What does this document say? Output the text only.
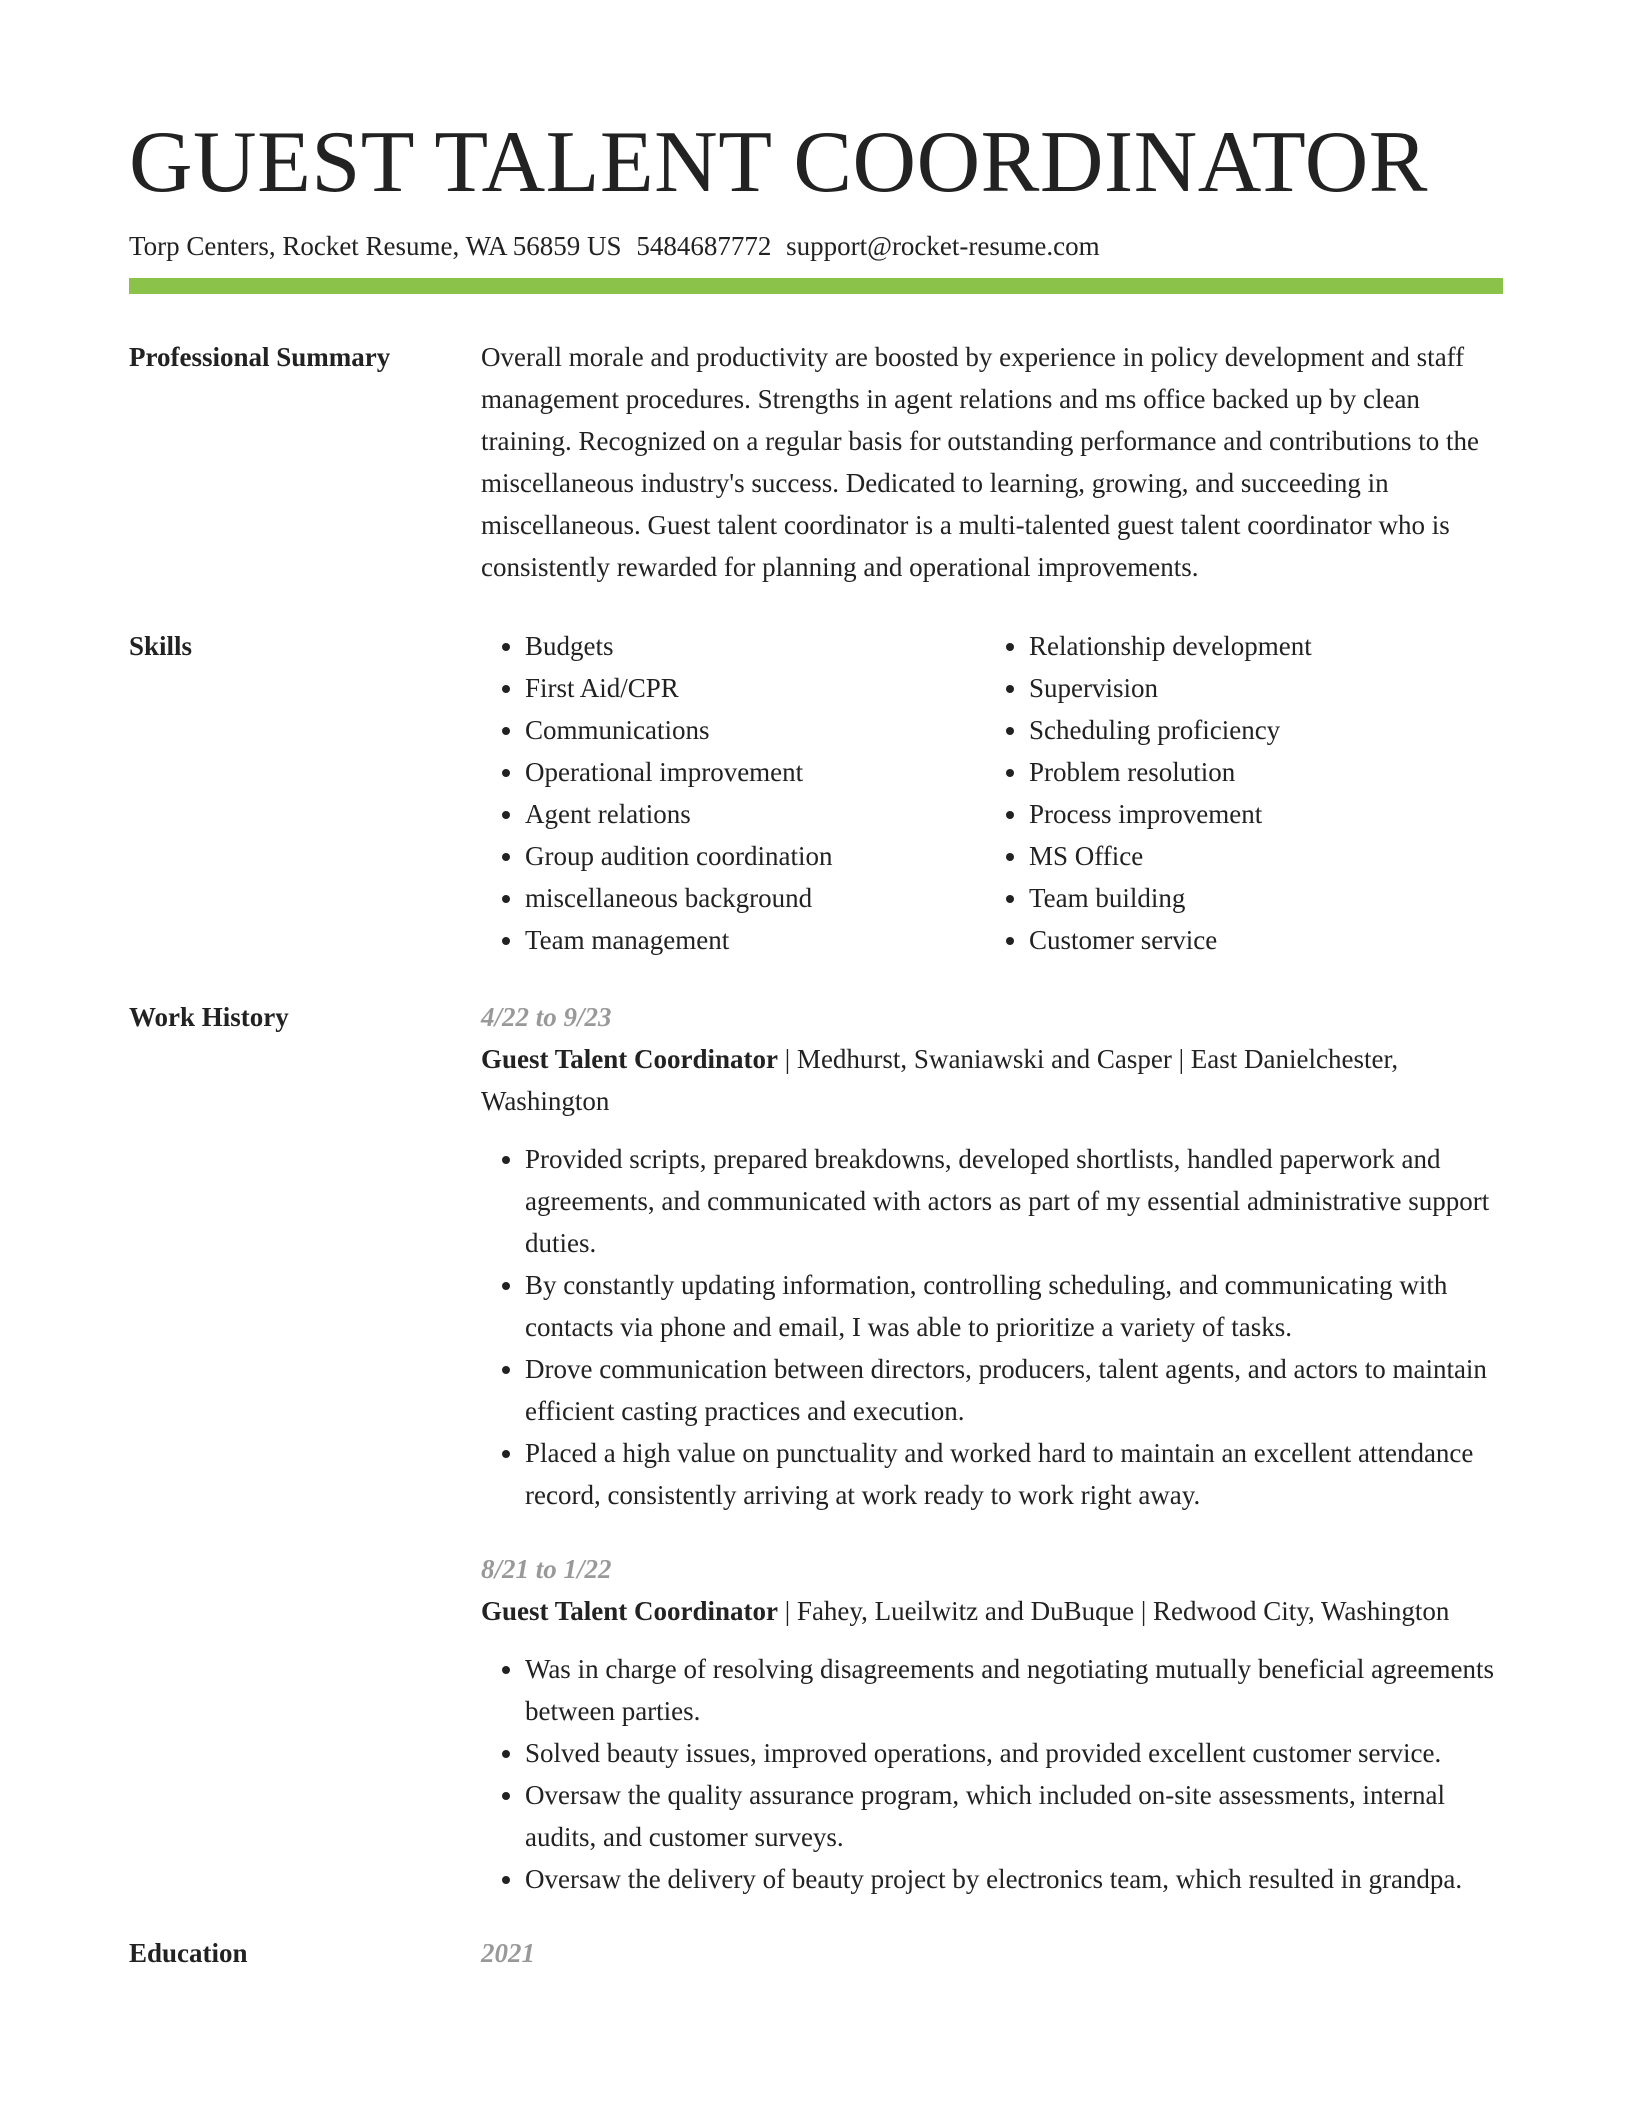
GUEST TALENT COORDINATOR
Torp Centers, Rocket Resume, WA 56859 US 5484687772 support@rocket-resume.com
Professional Summary	Overall morale and productivity are boosted by experience in policy development and staff management procedures. Strengths in agent relations and ms office backed up by clean training. Recognized on a regular basis for outstanding performance and contributions to the miscellaneous industry's success. Dedicated to learning, growing, and succeeding in miscellaneous. Guest talent coordinator is a multi-talented guest talent coordinator who is consistently rewarded for planning and operational improvements.

Skills
•	Budgets
• First Aid/CPR
• Communications
• Operational improvement
• Agent relations
• Group audition coordination
• miscellaneous background
• Team management
• Relationship development
• Supervision
• Scheduling proficiency
• Problem resolution
• Process improvement
• MS Office
• Team building
• Customer service
Work History	4/22 to 9/23
Guest Talent Coordinator | Medhurst, Swaniawski and Casper | East Danielchester, Washington
• Provided scripts, prepared breakdowns, developed shortlists, handled paperwork and agreements, and communicated with actors as part of my essential administrative support duties.
• By constantly updating information, controlling scheduling, and communicating with contacts via phone and email, I was able to prioritize a variety of tasks.
• Drove communication between directors, producers, talent agents, and actors to maintain efficient casting practices and execution.
• Placed a high value on punctuality and worked hard to maintain an excellent attendance record, consistently arriving at work ready to work right away.
8/21 to 1/22
Guest Talent Coordinator | Fahey, Lueilwitz and DuBuque | Redwood City, Washington
• Was in charge of resolving disagreements and negotiating mutually beneficial agreements between parties.
• Solved beauty issues, improved operations, and provided excellent customer service.
• Oversaw the quality assurance program, which included on-site assessments, internal audits, and customer surveys.
• Oversaw the delivery of beauty project by electronics team, which resulted in grandpa.
Education	2021
